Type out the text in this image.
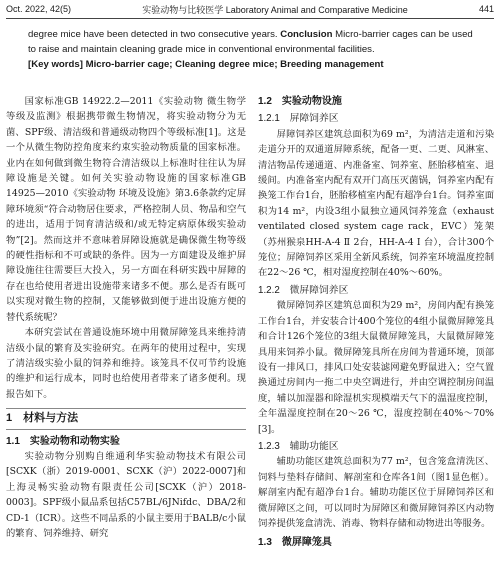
Oct. 2022, 42(5)	实验动物与比较医学 Laboratory Animal and Comparative Medicine	441

degree mice have been detected in two consecutive years. Conclusion Micro-barrier cages can be used

to raise and maintain cleaning grade mice in conventional environmental facilities.

[Key words] Micro-barrier cage; Cleaning degree mice; Breeding management

国家标准GB 14922.2—2011《实验动物 微生物学等级及监测》根据携带微生物情况，将实验动物分为无菌、SPF级、清洁级和普通级动物四个等级标准[1]。这是一个从微生物防控角度来约束实验动物质量的国家标准。业内在如何做到微生物符合清洁级以上标准时往往认为屏障设施是关键。如何关实验动物设施的国家标准GB 14925—2010《实验动物 环境及设施》第3.6条款约定屏障环境须“符合动物居住要求，严格控制人员、物品和空气的进出，适用于饲育清洁级和/或无特定病原体级实验动物”[2]。然而这并不意味着屏障设施就是确保微生物等级的硬性指标和不可或缺的条件。因为一方面建设及维护屏障设施往往需要巨大投入，另一方面在科研实践中屏障的存在也给使用者进出设施带来诸多不便。那么是否有既可以实现对微生物的控制，又能够做到便于进出设施方便的替代系统呢？

本研究尝试在普通设施环境中用微屏障笼具来维持清洁级小鼠的繁育及实验研究。在两年的使用过程中，实现了清洁级实验小鼠的饲养和维持。该笼具不仅可节约设施的维护和运行成本，同时也给使用者带来了诸多便利。现报告如下。

1　材料与方法
1.1　实验动物和动物实验

实验动物分别购自维通利华实验动物技术有限公司[SCXK（浙）2019-0001、SCXK（沪）2022-0007]和上海灵畅实验动物有限责任公司[SCXK（沪）2018-0003]。SPF级小鼠品系包括C57BL/6JNifdc、DBA/2和CD-1（ICR）。这些不同品系的小鼠主要用于BALB/c小鼠的繁育、饲养维持、研究

1.2　实验动物设施
1.2.1　屏障饲养区

屏障饲养区建筑总面积为69 m²，为清洁走道和污染走道分开的双通道屏障系统，配备一更、二更、风淋室、清洁物品传递通道、内准备室、饲养室、胚胎移植室、退缓间。内准备室内配有双开门高压灭菌锅，饲养室内配有换笼工作台1台，胚胎移植室内配有超净台1台。饲养室面积为14 m²，内设3组小鼠独立通风饲养笼盒（exhaust ventilated closed system cage rack，EVC）笼架（苏州猴泉HH-A-4 Ⅱ 2台，HH-A-4 Ⅰ 台），合计300个笼位；屏障饲养区采用全新风系统，饲养室环境温度控制在22～26 ℃，相对湿度控制在40%～60%。

1.2.2　微屏障饲养区

微屏障饲养区建筑总面积为29 m²，房间内配有换笼工作台1台，并安装合计400个笼位的4组小鼠微屏障笼具和合计126个笼位的3组大鼠微屏障笼具，大鼠微屏障笼具用来饲养小鼠。微屏障笼具所在房间为普通环境，顶部设有一排风口，排风口处安装滤网避免野鼠进入；空气置换通过房间内一拖二中央空调进行，并由空调控制房间温度，辅以加湿器和除湿机实现模端天气下的温湿度控制，全年温湿度控制在20～26 ℃，湿度控制在40%～70%[3]。

1.2.3　辅助功能区

辅助功能区建筑总面积为77 m²，包含笼盒清洗区、饲料与垫料存储间、解剖室和仓库各1间（图1显色框）。解剖室内配有超净台1台。辅助功能区位于屏障饲养区和微屏障区之间，可以同时为屏障区和微屏障饲养区内动物饲养提供笼盒清洗、消毒、物料存储和动物进出等服务。

1.3　微屏障笼具
